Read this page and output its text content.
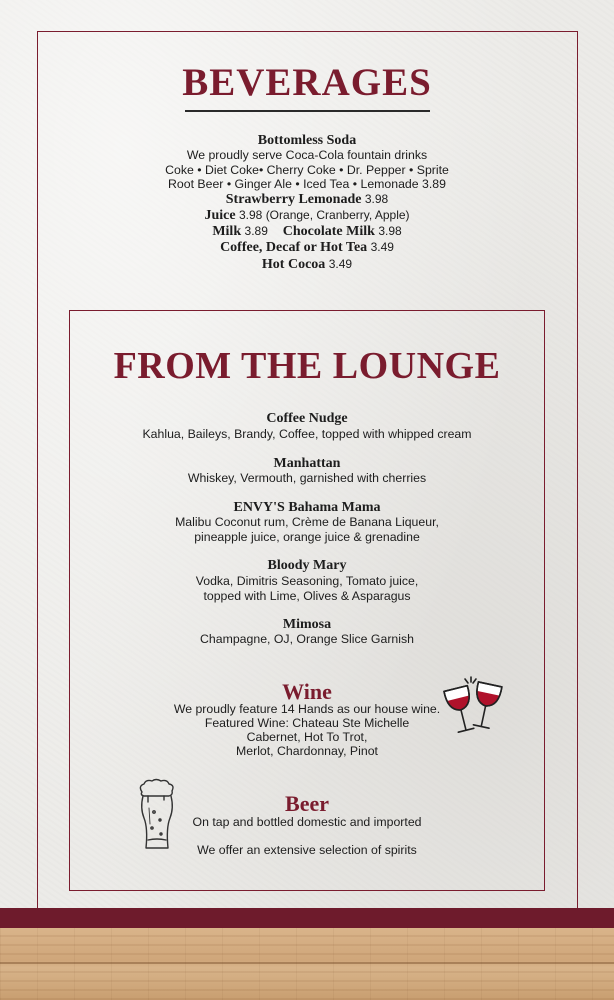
BEVERAGES
Bottomless Soda
We proudly serve Coca-Cola fountain drinks
Coke • Diet Coke• Cherry Coke • Dr. Pepper • Sprite
Root Beer • Ginger Ale • Iced Tea • Lemonade 3.89
Strawberry Lemonade 3.98
Juice 3.98 (Orange, Cranberry, Apple)
Milk 3.89 Chocolate Milk 3.98
Coffee, Decaf or Hot Tea 3.49
Hot Cocoa 3.49
FROM THE LOUNGE
Coffee Nudge
Kahlua, Baileys, Brandy, Coffee, topped with whipped cream
Manhattan
Whiskey, Vermouth, garnished with cherries
ENVY'S Bahama Mama
Malibu Coconut rum, Crème de Banana Liqueur,
pineapple juice, orange juice & grenadine
Bloody Mary
Vodka, Dimitris Seasoning, Tomato juice,
topped with Lime, Olives & Asparagus
Mimosa
Champagne, OJ, Orange Slice Garnish
Wine
We proudly feature 14 Hands as our house wine.
Featured Wine: Chateau Ste Michelle
Cabernet, Hot To Trot,
Merlot, Chardonnay, Pinot
Beer
On tap and bottled domestic and imported
We offer an extensive selection of spirits
